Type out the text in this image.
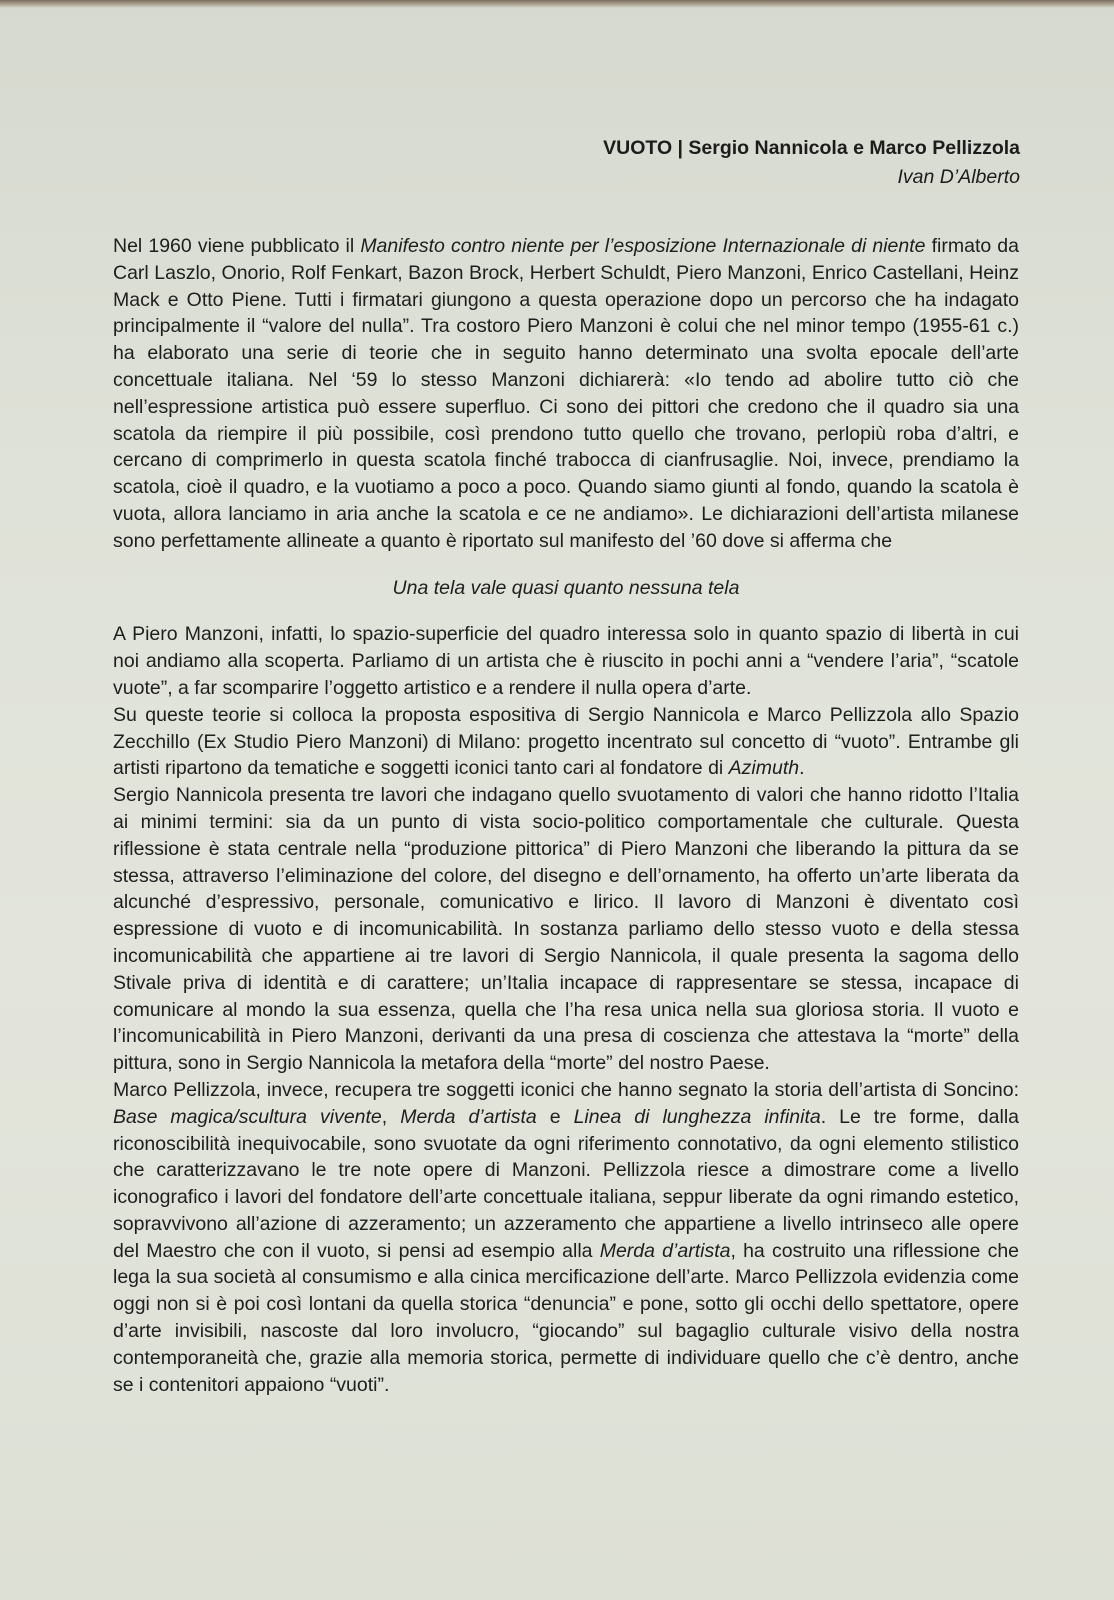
VUOTO | Sergio Nannicola e Marco Pellizzola
Ivan D’Alberto

Nel 1960 viene pubblicato il Manifesto contro niente per l’esposizione Internazionale di niente firmato da Carl Laszlo, Onorio, Rolf Fenkart, Bazon Brock, Herbert Schuldt, Piero Manzoni, Enrico Castellani, Heinz Mack e Otto Piene. Tutti i firmatari giungono a questa operazione dopo un percorso che ha indagato principalmente il “valore del nulla”. Tra costoro Piero Manzoni è colui che nel minor tempo (1955-61 c.) ha elaborato una serie di teorie che in seguito hanno determinato una svolta epocale dell’arte concettuale italiana. Nel ‘59 lo stesso Manzoni dichiarerà: «Io tendo ad abolire tutto ciò che nell’espressione artistica può essere superfluo. Ci sono dei pittori che credono che il quadro sia una scatola da riempire il più possibile, così prendono tutto quello che trovano, perlopiù roba d’altri, e cercano di comprimerlo in questa scatola finché trabocca di cianfrusaglie. Noi, invece, prendiamo la scatola, cioè il quadro, e la vuotiamo a poco a poco. Quando siamo giunti al fondo, quando la scatola è vuota, allora lanciamo in aria anche la scatola e ce ne andiamo». Le dichiarazioni dell’artista milanese sono perfettamente allineate a quanto è riportato sul manifesto del ’60 dove si afferma che

Una tela vale quasi quanto nessuna tela

A Piero Manzoni, infatti, lo spazio-superficie del quadro interessa solo in quanto spazio di libertà in cui noi andiamo alla scoperta. Parliamo di un artista che è riuscito in pochi anni a “vendere l’aria”, “scatole vuote”, a far scomparire l’oggetto artistico e a rendere il nulla opera d’arte.

Su queste teorie si colloca la proposta espositiva di Sergio Nannicola e Marco Pellizzola allo Spazio Zecchillo (Ex Studio Piero Manzoni) di Milano: progetto incentrato sul concetto di “vuoto”. Entrambe gli artisti ripartono da tematiche e soggetti iconici tanto cari al fondatore di Azimuth.

Sergio Nannicola presenta tre lavori che indagano quello svuotamento di valori che hanno ridotto l’Italia ai minimi termini: sia da un punto di vista socio-politico comportamentale che culturale. Questa riflessione è stata centrale nella “produzione pittorica” di Piero Manzoni che liberando la pittura da se stessa, attraverso l’eliminazione del colore, del disegno e dell’ornamento, ha offerto un’arte liberata da alcunché d’espressivo, personale, comunicativo e lirico. Il lavoro di Manzoni è diventato così espressione di vuoto e di incomunicabilità. In sostanza parliamo dello stesso vuoto e della stessa incomunicabilità che appartiene ai tre lavori di Sergio Nannicola, il quale presenta la sagoma dello Stivale priva di identità e di carattere; un’Italia incapace di rappresentare se stessa, incapace di comunicare al mondo la sua essenza, quella che l’ha resa unica nella sua gloriosa storia. Il vuoto e l’incomunicabilità in Piero Manzoni, derivanti da una presa di coscienza che attestava la “morte” della pittura, sono in Sergio Nannicola la metafora della “morte” del nostro Paese.

Marco Pellizzola, invece, recupera tre soggetti iconici che hanno segnato la storia dell’artista di Soncino: Base magica/scultura vivente, Merda d’artista e Linea di lunghezza infinita. Le tre forme, dalla riconoscibilità inequivocabile, sono svuotate da ogni riferimento connotativo, da ogni elemento stilistico che caratterizzavano le tre note opere di Manzoni. Pellizzola riesce a dimostrare come a livello iconografico i lavori del fondatore dell’arte concettuale italiana, seppur liberate da ogni rimando estetico, sopravvivono all’azione di azzeramento; un azzeramento che appartiene a livello intrinseco alle opere del Maestro che con il vuoto, si pensi ad esempio alla Merda d’artista, ha costruito una riflessione che lega la sua società al consumismo e alla cinica mercificazione dell’arte. Marco Pellizzola evidenzia come oggi non si è poi così lontani da quella storica “denuncia” e pone, sotto gli occhi dello spettatore, opere d’arte invisibili, nascoste dal loro involucro, “giocando” sul bagaglio culturale visivo della nostra contemporaneità che, grazie alla memoria storica, permette di individuare quello che c’è dentro, anche se i contenitori appaiono “vuoti”.
